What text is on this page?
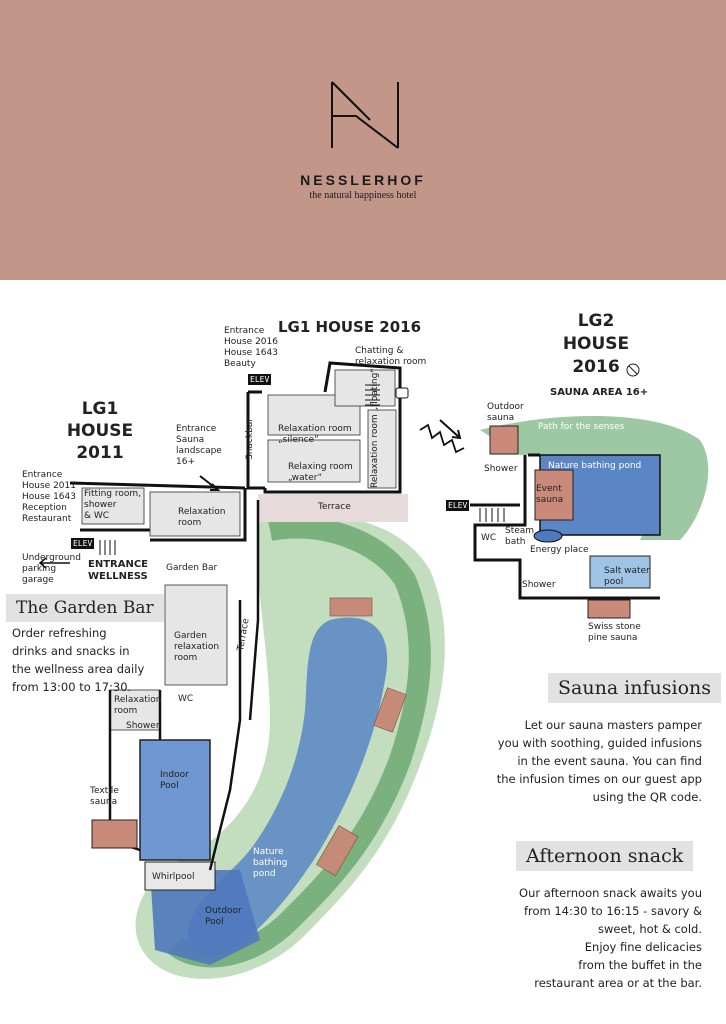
NESSLERHOF
the natural happiness hotel
LG1 HOUSE 2016
LG1
HOUSE
2011
LG2
HOUSE
2016
SAUNA AREA 16+
Entrance
House 2016
House 1643
Beauty
ELEV
Chatting &
relaxation room
Entrance
Sauna
landscape
16+
Relaxation room
„silence“
Relaxing room
„water“	Relaxation room „floating“
Snackbar
Terrace
Entrance
House 2011
House 1643
Reception
Restaurant
Fitting room,
shower
& WC	Relaxation
room
ELEV
Underground
parking
garage
ENTRANCE
WELLNESS
Garden Bar
Garden
relaxation
room
Terrace
Relaxation
room
WC
Shower
Textile
sauna
Indoor
Pool
Whirlpool
Outdoor
Pool
Nature
bathing
pond
Outdoor
sauna
Path for the senses
Shower	Nature bathing pond
Event
sauna
ELEV
WC
Steam
bath
Energy place
Shower
Salt water
pool
Swiss stone
pine sauna
The Garden Bar
Order refreshing
drinks and snacks in
the wellness area daily
from 13:00 to 17:30.	Sauna infusions
Let our sauna masters pamper
you with soothing, guided infusions
in the event sauna. You can find
the infusion times on our guest app
using the QR code.
Afternoon snack
Our afternoon snack awaits you
from 14:30 to 16:15 - savory &
sweet, hot & cold.
Enjoy fine delicacies
from the buffet in the
restaurant area or at the bar.
